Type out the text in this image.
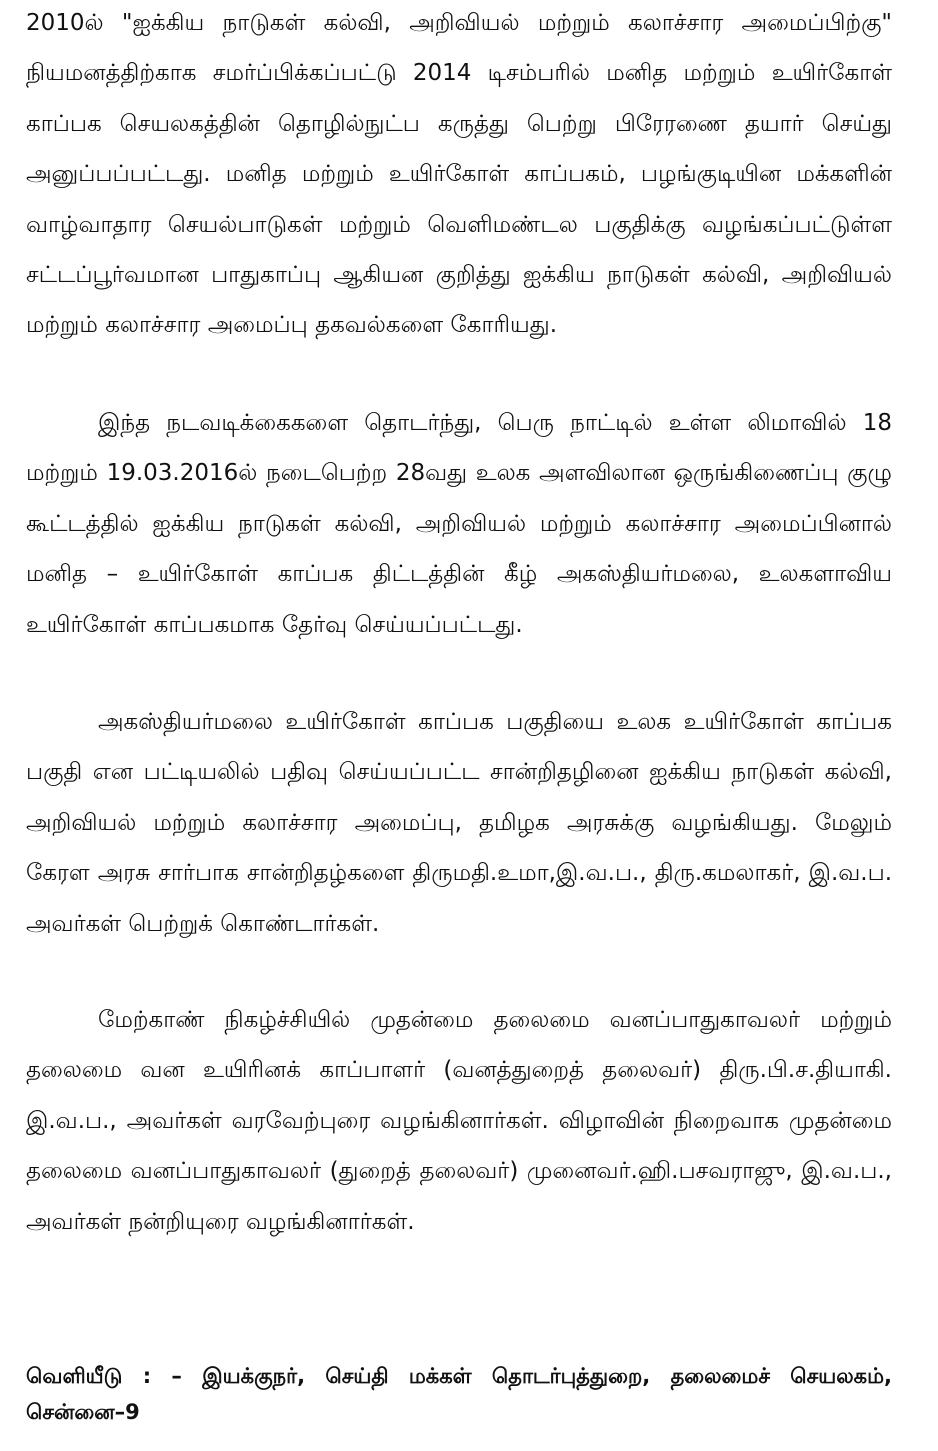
2010ல் "ஐக்கிய நாடுகள் கல்வி, அறிவியல் மற்றும் கலாச்சார அமைப்பிற்கு" நியமனத்திற்காக சமர்ப்பிக்கப்பட்டு 2014 டிசம்பரில் மனித மற்றும் உயிர்கோள் காப்பக செயலகத்தின் தொழில்நுட்ப கருத்து பெற்று பிரேரணை தயார் செய்து அனுப்பப்பட்டது. மனித மற்றும் உயிர்கோள் காப்பகம், பழங்குடியின மக்களின் வாழ்வாதார செயல்பாடுகள் மற்றும் வெளிமண்டல பகுதிக்கு வழங்கப்பட்டுள்ள சட்டப்பூர்வமான பாதுகாப்பு ஆகியன குறித்து ஐக்கிய நாடுகள் கல்வி, அறிவியல் மற்றும் கலாச்சார அமைப்பு தகவல்களை கோரியது.

இந்த நடவடிக்கைகளை தொடர்ந்து, பெரு நாட்டில் உள்ள லிமாவில் 18 மற்றும் 19.03.2016ல் நடைபெற்ற 28வது உலக அளவிலான ஒருங்கிணைப்பு குழு கூட்டத்தில் ஐக்கிய நாடுகள் கல்வி, அறிவியல் மற்றும் கலாச்சார அமைப்பினால் மனித – உயிர்கோள் காப்பக திட்டத்தின் கீழ் அகஸ்தியர்மலை, உலகளாவிய உயிர்கோள் காப்பகமாக தேர்வு செய்யப்பட்டது.

அகஸ்தியர்மலை உயிர்கோள் காப்பக பகுதியை உலக உயிர்கோள் காப்பக பகுதி என பட்டியலில் பதிவு செய்யப்பட்ட சான்றிதழினை ஐக்கிய நாடுகள் கல்வி, அறிவியல் மற்றும் கலாச்சார அமைப்பு, தமிழக அரசுக்கு வழங்கியது. மேலும் கேரள அரசு சார்பாக சான்றிதழ்களை திருமதி.உமா,இ.வ.ப., திரு.கமலாகர், இ.வ.ப. அவர்கள் பெற்றுக் கொண்டார்கள்.

மேற்காண் நிகழ்ச்சியில் முதன்மை தலைமை வனப்பாதுகாவலர் மற்றும் தலைமை வன உயிரினக் காப்பாளர் (வனத்துறைத் தலைவர்) திரு.பி.ச.தியாகி. இ.வ.ப., அவர்கள் வரவேற்புரை வழங்கினார்கள். விழாவின் நிறைவாக முதன்மை தலைமை வனப்பாதுகாவலர் (துறைத் தலைவர்) முனைவர்.ஹி.பசவராஜு, இ.வ.ப., அவர்கள் நன்றியுரை வழங்கினார்கள்.

வெளியீடு : – இயக்குநர், செய்தி மக்கள் தொடர்புத்துறை, தலைமைச் செயலகம், சென்னை–9
